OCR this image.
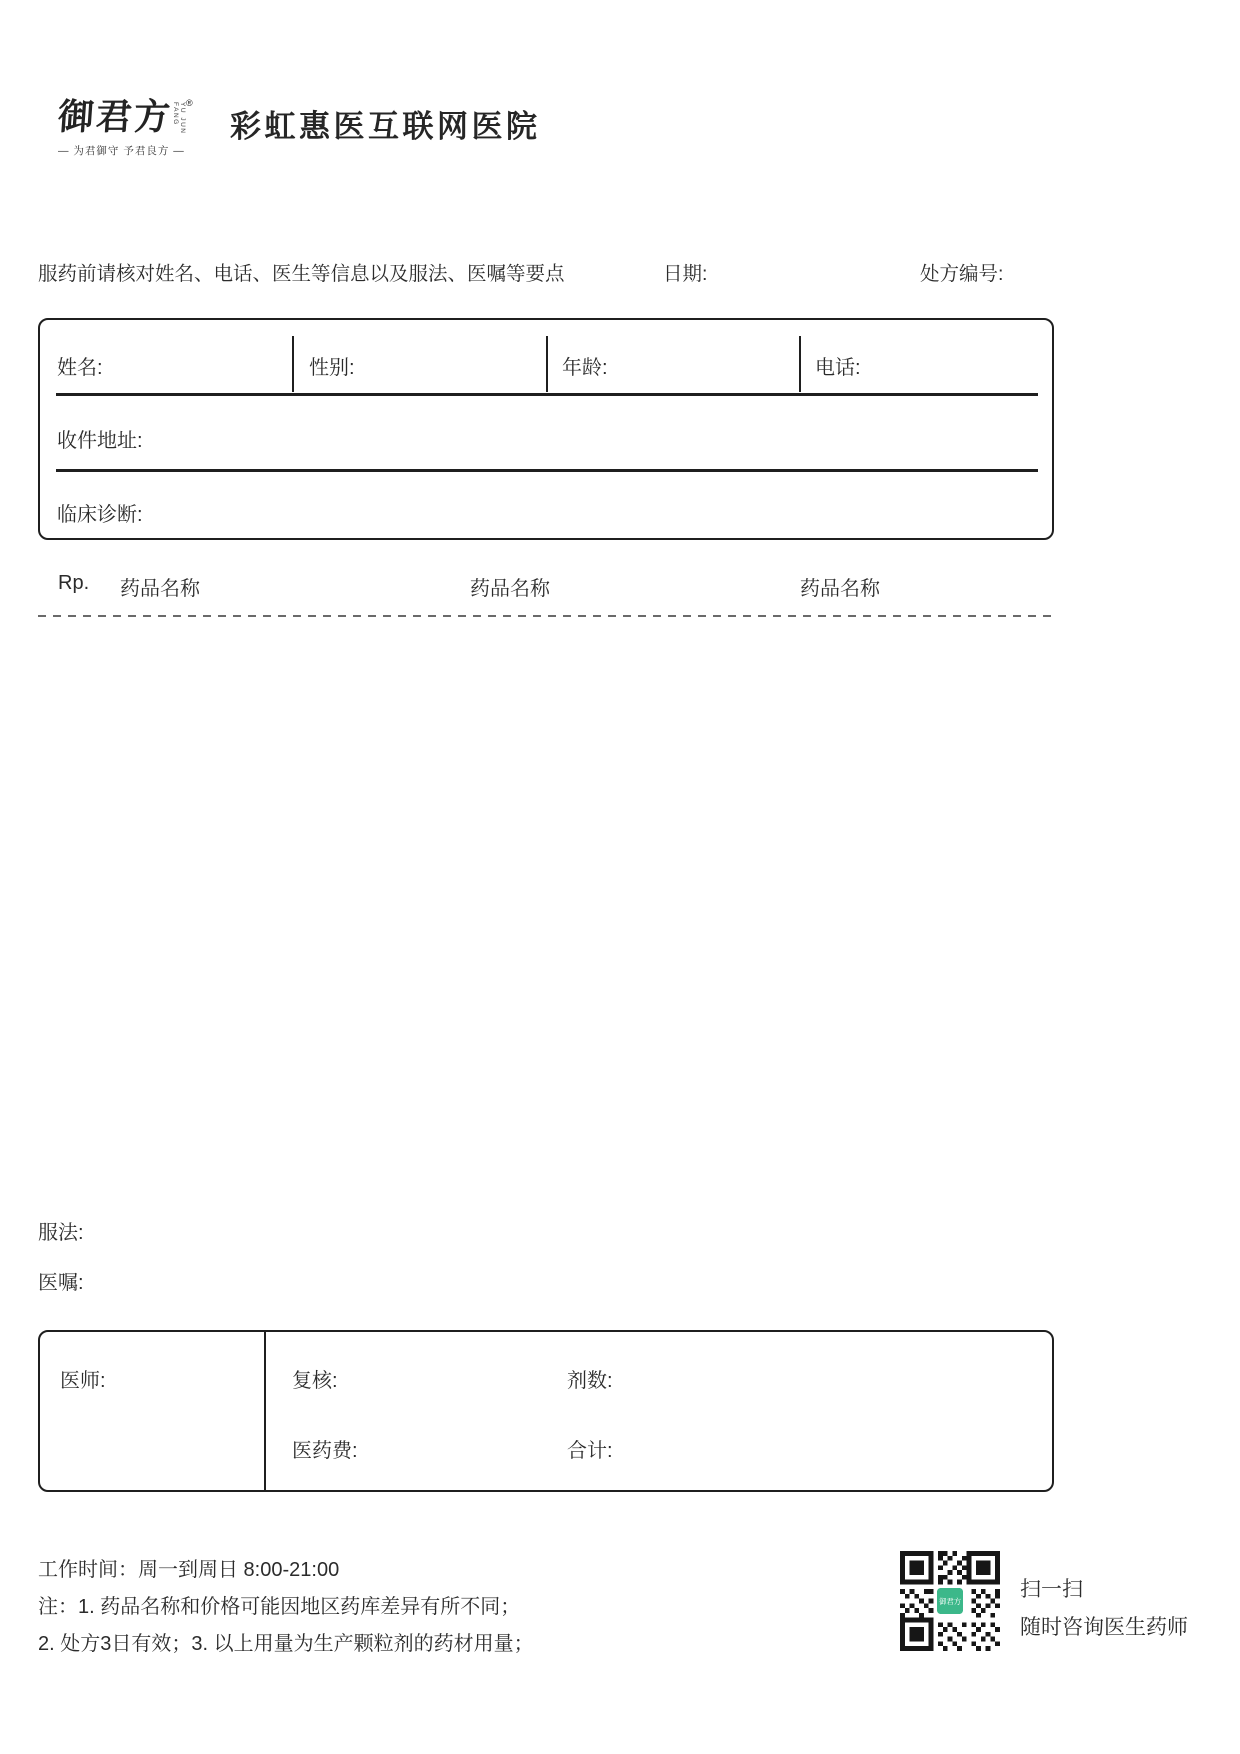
御君方 YU JUN FANG ®
— 为君御守 予君良方 —
彩虹惠医互联网医院
服药前请核对姓名、电话、医生等信息以及服法、医嘱等要点	日期:	处方编号:
姓名:	性别:	年龄:	电话:
收件地址:
临床诊断:
Rp. 药品名称	药品名称	药品名称
服法:
医嘱:
医师:	复核:	剂数:
医药费:	合计:
工作时间：周一到周日 8:00-21:00
注：1. 药品名称和价格可能因地区药库差异有所不同；
2. 处方3日有效；3. 以上用量为生产颗粒剂的药材用量；
御君方
扫一扫
随时咨询医生药师
